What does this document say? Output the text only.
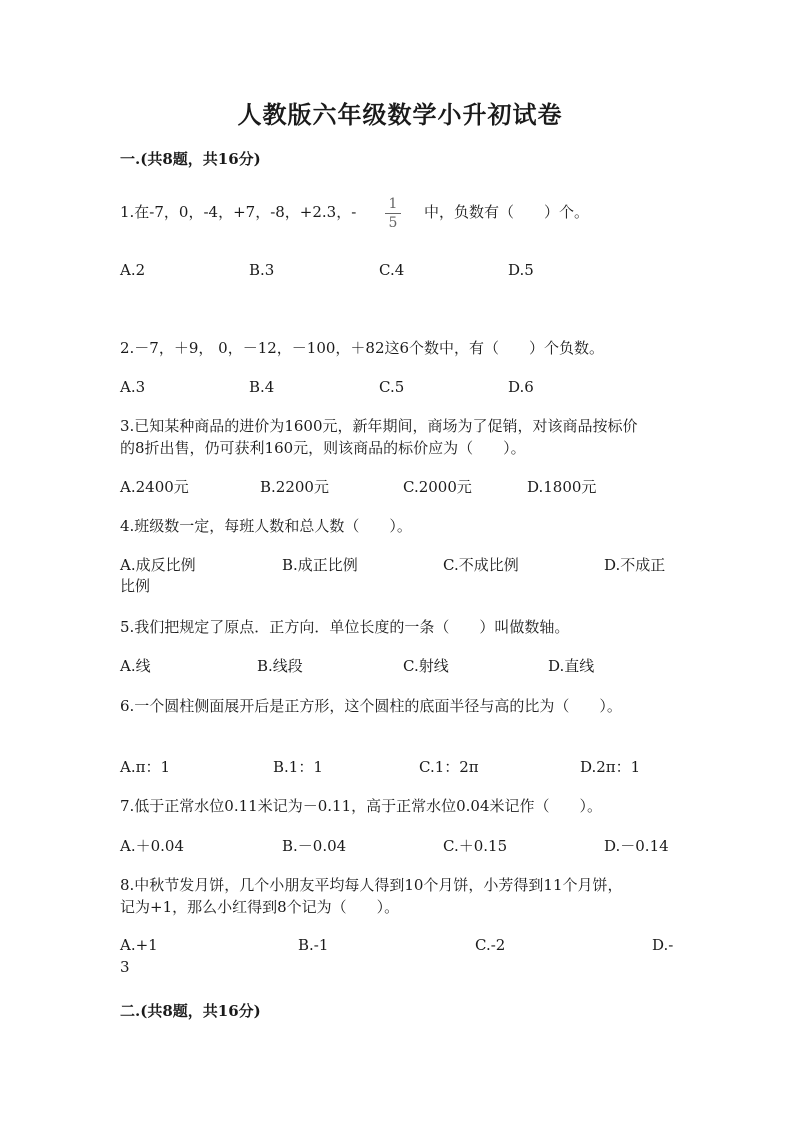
人教版六年级数学小升初试卷
一.(共8题，共16分)
1.在-7，0，-4，+7，-8，+2.3，-	1
5
中，负数有（　　）个。
A.2	B.3	C.4	D.5
2.－7，＋9， 0，－12，－100，＋82这6个数中，有（　　）个负数。
A.3	B.4	C.5	D.6
3.已知某种商品的进价为1600元，新年期间，商场为了促销，对该商品按标价
的8折出售，仍可获利160元，则该商品的标价应为（　　）。
A.2400元	B.2200元	C.2000元	D.1800元
4.班级数一定，每班人数和总人数（　　）。
A.成反比例	B.成正比例	C.不成比例	D.不成正
比例
5.我们把规定了原点．正方向．单位长度的一条（　　）叫做数轴。
A.线	B.线段	C.射线	D.直线
6.一个圆柱侧面展开后是正方形，这个圆柱的底面半径与高的比为（　　）。
A.π：1	B.1：1	C.1：2π	D.2π：1
7.低于正常水位0.11米记为－0.11，高于正常水位0.04米记作（　　）。
A.＋0.04	B.－0.04	C.＋0.15	D.－0.14
8.中秋节发月饼，几个小朋友平均每人得到10个月饼，小芳得到11个月饼，
记为+1，那么小红得到8个记为（　　）。
A.+1	B.-1	C.-2	D.-
3
二.(共8题，共16分)
